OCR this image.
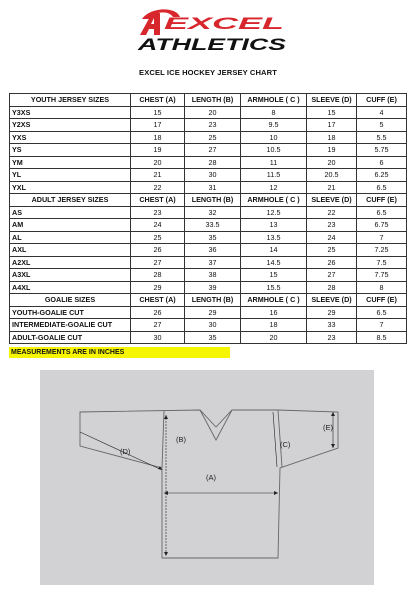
EXCEL
ATHLETICS
EXCEL ICE HOCKEY JERSEY CHART
YOUTH JERSEY SIZES	CHEST (A)	LENGTH (B)	ARMHOLE ( C )	SLEEVE (D)	CUFF (E)
Y3XS	15	20	8	15	4
Y2XS	17	23	9.5	17	5
YXS	18	25	10	18	5.5
YS	19	27	10.5	19	5.75
YM	20	28	11	20	6
YL	21	30	11.5	20.5	6.25
YXL	22	31	12	21	6.5
ADULT JERSEY SIZES	CHEST (A)	LENGTH (B)	ARMHOLE ( C )	SLEEVE (D)	CUFF (E)
AS	23	32	12.5	22	6.5
AM	24	33.5	13	23	6.75
AL	25	35	13.5	24	7
AXL	26	36	14	25	7.25
A2XL	27	37	14.5	26	7.5
A3XL	28	38	15	27	7.75
A4XL	29	39	15.5	28	8
GOALIE SIZES	CHEST (A)	LENGTH (B)	ARMHOLE ( C )	SLEEVE (D)	CUFF (E)
YOUTH-GOALIE CUT	26	29	16	29	6.5
INTERMEDIATE-GOALIE CUT	27	30	18	33	7
ADULT-GOALIE CUT	30	35	20	23	8.5
MEASUREMENTS ARE IN INCHES
(B)
(A)
(C)
(D)
(E)
